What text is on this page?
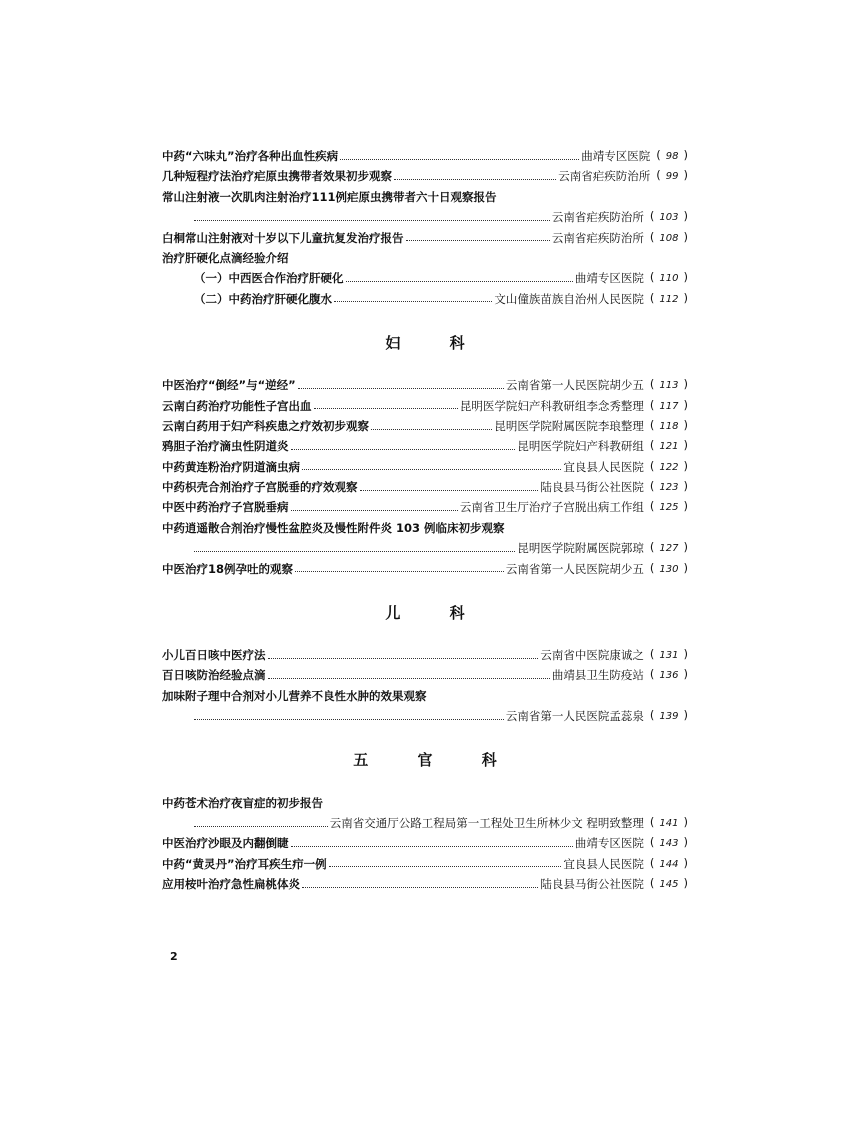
中药“六味丸”治疗各种出血性疾病	曲靖专区医院 ( 98 )
几种短程疗法治疗疟原虫携带者效果初步观察	云南省疟疾防治所 ( 99 )
常山注射液一次肌肉注射治疗111例疟原虫携带者六十日观察报告
云南省疟疾防治所 ( 103 )
白桐常山注射液对十岁以下儿童抗复发治疗报告	云南省疟疾防治所 ( 108 )
治疗肝硬化点滴经验介绍
（一）中西医合作治疗肝硬化	曲靖专区医院 ( 110 )
（二）中药治疗肝硬化腹水	文山僮族苗族自治州人民医院 ( 112 )
妇 科
中医治疗“倒经”与“逆经”	云南省第一人民医院胡少五 ( 113 )
云南白药治疗功能性子宫出血	昆明医学院妇产科教研组李念秀整理 ( 117 )
云南白药用于妇产科疾患之疗效初步观察	昆明医学院附属医院李琅整理 ( 118 )
鸦胆子治疗滴虫性阴道炎	昆明医学院妇产科教研组 ( 121 )
中药黄连粉治疗阴道滴虫病	宜良县人民医院 ( 122 )
中药枳壳合剂治疗子宫脱垂的疗效观察	陆良县马街公社医院 ( 123 )
中医中药治疗子宫脱垂病	云南省卫生厅治疗子宫脱出病工作组 ( 125 )
中药逍遥散合剂治疗慢性盆腔炎及慢性附件炎 103 例临床初步观察
昆明医学院附属医院郭琼 ( 127 )
中医治疗18例孕吐的观察	云南省第一人民医院胡少五 ( 130 )
儿 科
小儿百日咳中医疗法	云南省中医院康诚之 ( 131 )
百日咳防治经验点滴	曲靖县卫生防疫站 ( 136 )
加味附子理中合剂对小儿营养不良性水肿的效果观察
云南省第一人民医院孟蕊泉 ( 139 )
五 官 科
中药苍术治疗夜盲症的初步报告
云南省交通厅公路工程局第一工程处卫生所林少文 程明致整理 ( 141 )
中医治疗沙眼及内翻倒睫	曲靖专区医院 ( 143 )
中药“黄灵丹”治疗耳疾生疖一例	宜良县人民医院 ( 144 )
应用桉叶治疗急性扁桃体炎	陆良县马街公社医院 ( 145 )
2
